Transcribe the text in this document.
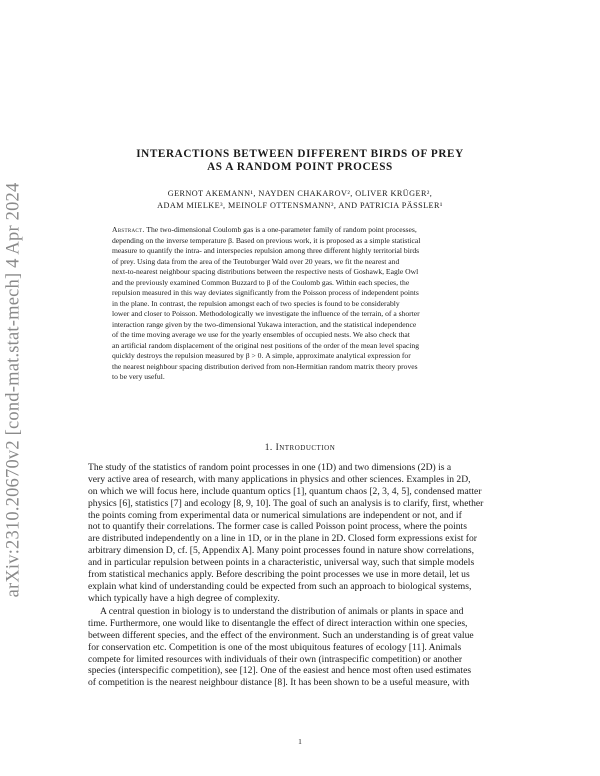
arXiv:2310.20670v2 [cond-mat.stat-mech] 4 Apr 2024
INTERACTIONS BETWEEN DIFFERENT BIRDS OF PREY
AS A RANDOM POINT PROCESS
GERNOT AKEMANN¹, NAYDEN CHAKAROV², OLIVER KRÜGER²,
ADAM MIELKE³, MEINOLF OTTENSMANN², AND PATRICIA PÄSSLER¹
Abstract. The two-dimensional Coulomb gas is a one-parameter family of random point processes,
depending on the inverse temperature β. Based on previous work, it is proposed as a simple statistical
measure to quantify the intra- and interspecies repulsion among three different highly territorial birds
of prey. Using data from the area of the Teutoburger Wald over 20 years, we fit the nearest and
next-to-nearest neighbour spacing distributions between the respective nests of Goshawk, Eagle Owl
and the previously examined Common Buzzard to β of the Coulomb gas. Within each species, the
repulsion measured in this way deviates significantly from the Poisson process of independent points
in the plane. In contrast, the repulsion amongst each of two species is found to be considerably
lower and closer to Poisson. Methodologically we investigate the influence of the terrain, of a shorter
interaction range given by the two-dimensional Yukawa interaction, and the statistical independence
of the time moving average we use for the yearly ensembles of occupied nests. We also check that
an artificial random displacement of the original nest positions of the order of the mean level spacing
quickly destroys the repulsion measured by β > 0. A simple, approximate analytical expression for
the nearest neighbour spacing distribution derived from non-Hermitian random matrix theory proves
to be very useful.
1. Introduction
The study of the statistics of random point processes in one (1D) and two dimensions (2D) is a
very active area of research, with many applications in physics and other sciences. Examples in 2D,
on which we will focus here, include quantum optics [1], quantum chaos [2, 3, 4, 5], condensed matter
physics [6], statistics [7] and ecology [8, 9, 10]. The goal of such an analysis is to clarify, first, whether
the points coming from experimental data or numerical simulations are independent or not, and if
not to quantify their correlations. The former case is called Poisson point process, where the points
are distributed independently on a line in 1D, or in the plane in 2D. Closed form expressions exist for
arbitrary dimension D, cf. [5, Appendix A]. Many point processes found in nature show correlations,
and in particular repulsion between points in a characteristic, universal way, such that simple models
from statistical mechanics apply. Before describing the point processes we use in more detail, let us
explain what kind of understanding could be expected from such an approach to biological systems,
which typically have a high degree of complexity.
A central question in biology is to understand the distribution of animals or plants in space and
time. Furthermore, one would like to disentangle the effect of direct interaction within one species,
between different species, and the effect of the environment. Such an understanding is of great value
for conservation etc. Competition is one of the most ubiquitous features of ecology [11]. Animals
compete for limited resources with individuals of their own (intraspecific competition) or another
species (interspecific competition), see [12]. One of the easiest and hence most often used estimates
of competition is the nearest neighbour distance [8]. It has been shown to be a useful measure, with
1
